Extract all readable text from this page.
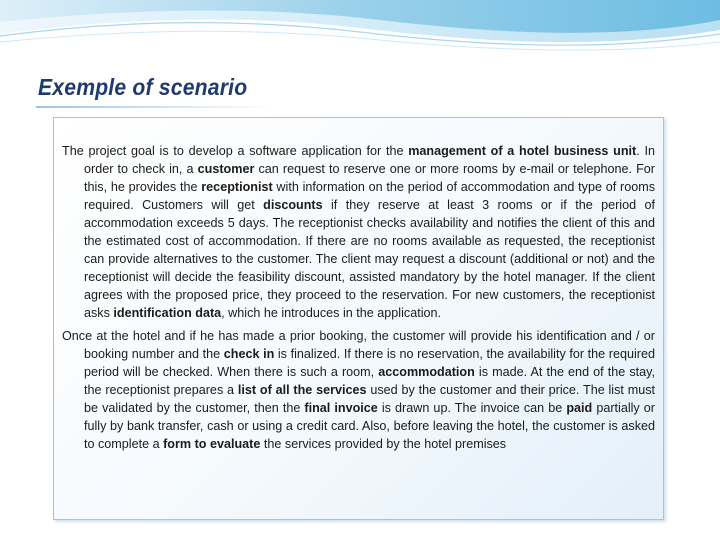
Exemple of scenario

The project goal is to develop a software application for the management of a hotel business unit. In order to check in, a customer can request to reserve one or more rooms by e-mail or telephone. For this, he provides the receptionist with information on the period of accommodation and type of rooms required. Customers will get discounts if they reserve at least 3 rooms or if the period of accommodation exceeds 5 days. The receptionist checks availability and notifies the client of this and the estimated cost of accommodation. If there are no rooms available as requested, the receptionist can provide alternatives to the customer. The client may request a discount (additional or not) and the receptionist will decide the feasibility discount, assisted mandatory by the hotel manager. If the client agrees with the proposed price, they proceed to the reservation. For new customers, the receptionist asks identification data, which he introduces in the application.

Once at the hotel and if he has made a prior booking, the customer will provide his identification and / or booking number and the check in is finalized. If there is no reservation, the availability for the required period will be checked. When there is such a room, accommodation is made. At the end of the stay, the receptionist prepares a list of all the services used by the customer and their price. The list must be validated by the customer, then the final invoice is drawn up. The invoice can be paid partially or fully by bank transfer, cash or using a credit card. Also, before leaving the hotel, the customer is asked to complete a form to evaluate the services provided by the hotel premises
